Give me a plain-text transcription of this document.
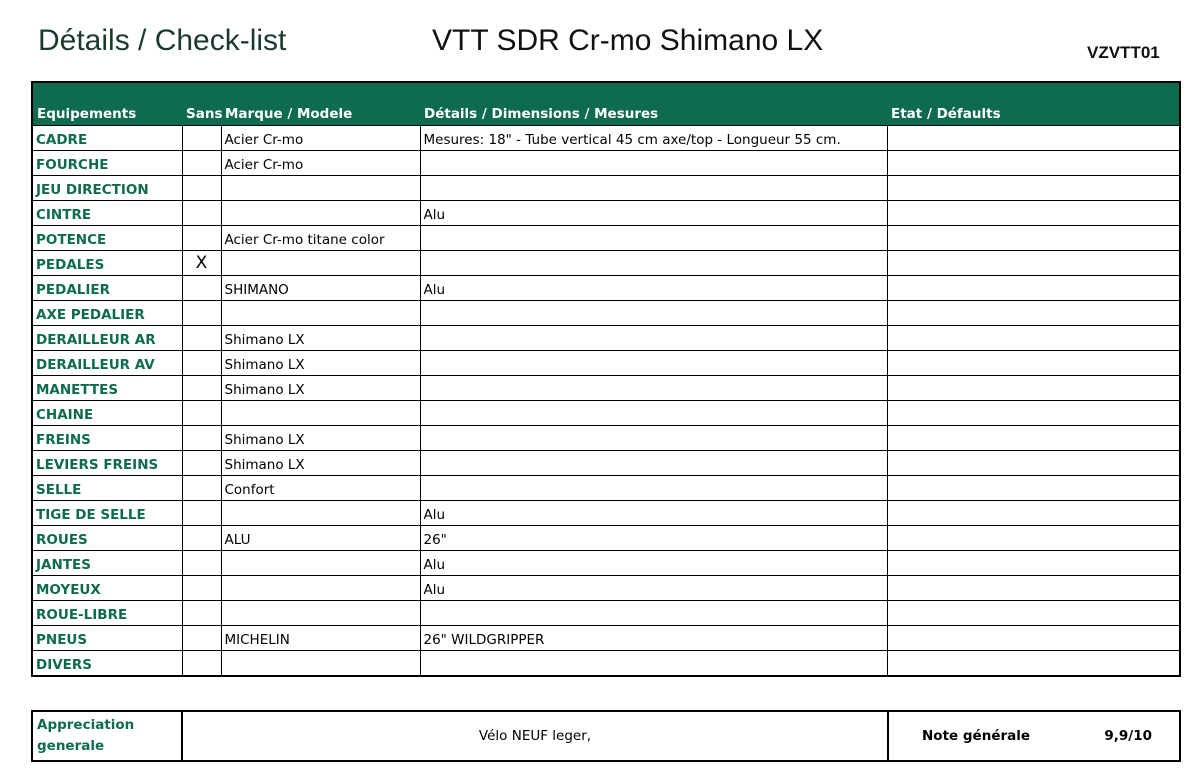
Détails / Check-list	VTT SDR Cr-mo Shimano LX	VZVTT01
Equipements	Sans	Marque / Modele	Détails / Dimensions / Mesures	Etat / Défaults
CADRE		Acier Cr-mo	Mesures: 18" - Tube vertical 45 cm axe/top - Longueur 55 cm.	
FOURCHE		Acier Cr-mo		
JEU DIRECTION				
CINTRE			Alu	
POTENCE		Acier Cr-mo titane color		
PEDALES	X			
PEDALIER		SHIMANO	Alu	
AXE PEDALIER				
DERAILLEUR AR		Shimano LX		
DERAILLEUR AV		Shimano LX		
MANETTES		Shimano LX		
CHAINE				
FREINS		Shimano LX		
LEVIERS FREINS		Shimano LX		
SELLE		Confort		
TIGE DE SELLE			Alu	
ROUES		ALU	26"	
JANTES			Alu	
MOYEUX			Alu	
ROUE-LIBRE				
PNEUS		MICHELIN	26" WILDGRIPPER	
DIVERS				
Appreciation
generale
	Vélo NEUF leger,	Note générale	9,9/10
